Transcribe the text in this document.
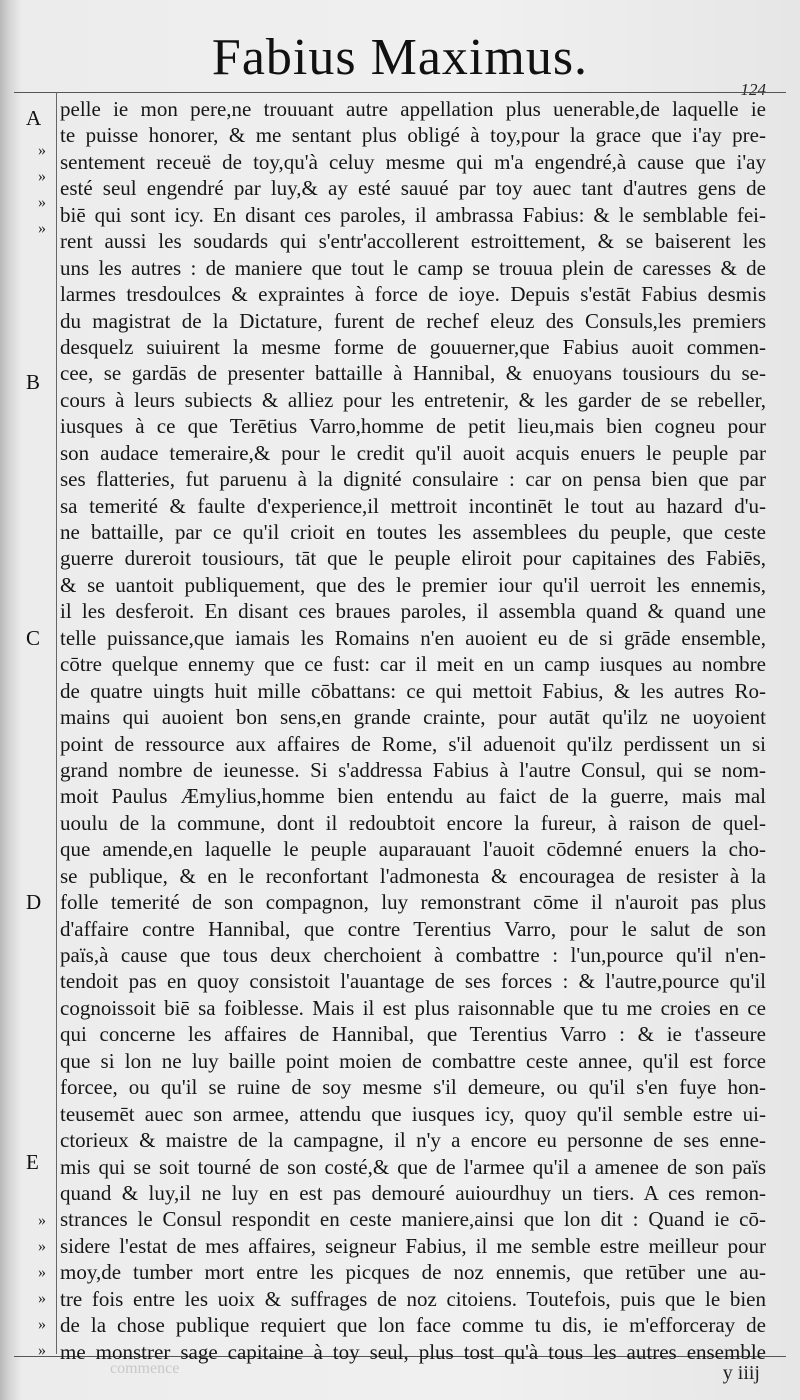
Fabius Maximus.
124
A
B
C
D
E
»
»
»
»
»
»
»
»
»
»
pelle ie mon pere,ne trouuant autre appellation plus uenerable,de laquelle ie
te puisse honorer, & me sentant plus obligé à toy,pour la grace que i'ay pre-
sentement receuë de toy,qu'à celuy mesme qui m'a engendré,à cause que i'ay
esté seul engendré par luy,& ay esté sauué par toy auec tant d'autres gens de
biē qui sont icy. En disant ces paroles, il ambrassa Fabius: & le semblable fei-
rent aussi les soudards qui s'entr'accollerent estroittement, & se baiserent les
uns les autres : de maniere que tout le camp se trouua plein de caresses & de
larmes tresdoulces & expraintes à force de ioye. Depuis s'estāt Fabius desmis
du magistrat de la Dictature, furent de rechef eleuz des Consuls,les premiers
desquelz suiuirent la mesme forme de gouuerner,que Fabius auoit commen-
cee, se gardās de presenter battaille à Hannibal, & enuoyans tousiours du se-
cours à leurs subiects & alliez pour les entretenir, & les garder de se rebeller,
iusques à ce que Terētius Varro,homme de petit lieu,mais bien cogneu pour
son audace temeraire,& pour le credit qu'il auoit acquis enuers le peuple par
ses flatteries, fut paruenu à la dignité consulaire : car on pensa bien que par
sa temerité & faulte d'experience,il mettroit incontinēt le tout au hazard d'u-
ne battaille, par ce qu'il crioit en toutes les assemblees du peuple, que ceste
guerre dureroit tousiours, tāt que le peuple eliroit pour capitaines des Fabiēs,
& se uantoit publiquement, que des le premier iour qu'il uerroit les ennemis,
il les desferoit. En disant ces braues paroles, il assembla quand & quand une
telle puissance,que iamais les Romains n'en auoient eu de si grāde ensemble,
cōtre quelque ennemy que ce fust: car il meit en un camp iusques au nombre
de quatre uingts huit mille cōbattans: ce qui mettoit Fabius, & les autres Ro-
mains qui auoient bon sens,en grande crainte, pour autāt qu'ilz ne uoyoient
point de ressource aux affaires de Rome, s'il aduenoit qu'ilz perdissent un si
grand nombre de ieunesse. Si s'addressa Fabius à l'autre Consul, qui se nom-
moit Paulus Æmylius,homme bien entendu au faict de la guerre, mais mal
uoulu de la commune, dont il redoubtoit encore la fureur, à raison de quel-
que amende,en laquelle le peuple auparauant l'auoit cōdemné enuers la cho-
se publique, & en le reconfortant l'admonesta & encouragea de resister à la
folle temerité de son compagnon, luy remonstrant cōme il n'auroit pas plus
d'affaire contre Hannibal, que contre Terentius Varro, pour le salut de son
païs,à cause que tous deux cherchoient à combattre : l'un,pource qu'il n'en-
tendoit pas en quoy consistoit l'auantage de ses forces : & l'autre,pource qu'il
cognoissoit biē sa foiblesse. Mais il est plus raisonnable que tu me croies en ce
qui concerne les affaires de Hannibal, que Terentius Varro : & ie t'asseure
que si lon ne luy baille point moien de combattre ceste annee, qu'il est force
forcee, ou qu'il se ruine de soy mesme s'il demeure, ou qu'il s'en fuye hon-
teusemēt auec son armee, attendu que iusques icy, quoy qu'il semble estre ui-
ctorieux & maistre de la campagne, il n'y a encore eu personne de ses enne-
mis qui se soit tourné de son costé,& que de l'armee qu'il a amenee de son païs
quand & luy,il ne luy en est pas demouré auiourdhuy un tiers. A ces remon-
strances le Consul respondit en ceste maniere,ainsi que lon dit : Quand ie cō-
sidere l'estat de mes affaires, seigneur Fabius, il me semble estre meilleur pour
moy,de tumber mort entre les picques de noz ennemis, que retūber une au-
tre fois entre les uoix & suffrages de noz citoiens. Toutefois, puis que le bien
de la chose publique requiert que lon face comme tu dis, ie m'efforceray de
me monstrer sage capitaine à toy seul, plus tost qu'à tous les autres ensemble
commence	y iiij
